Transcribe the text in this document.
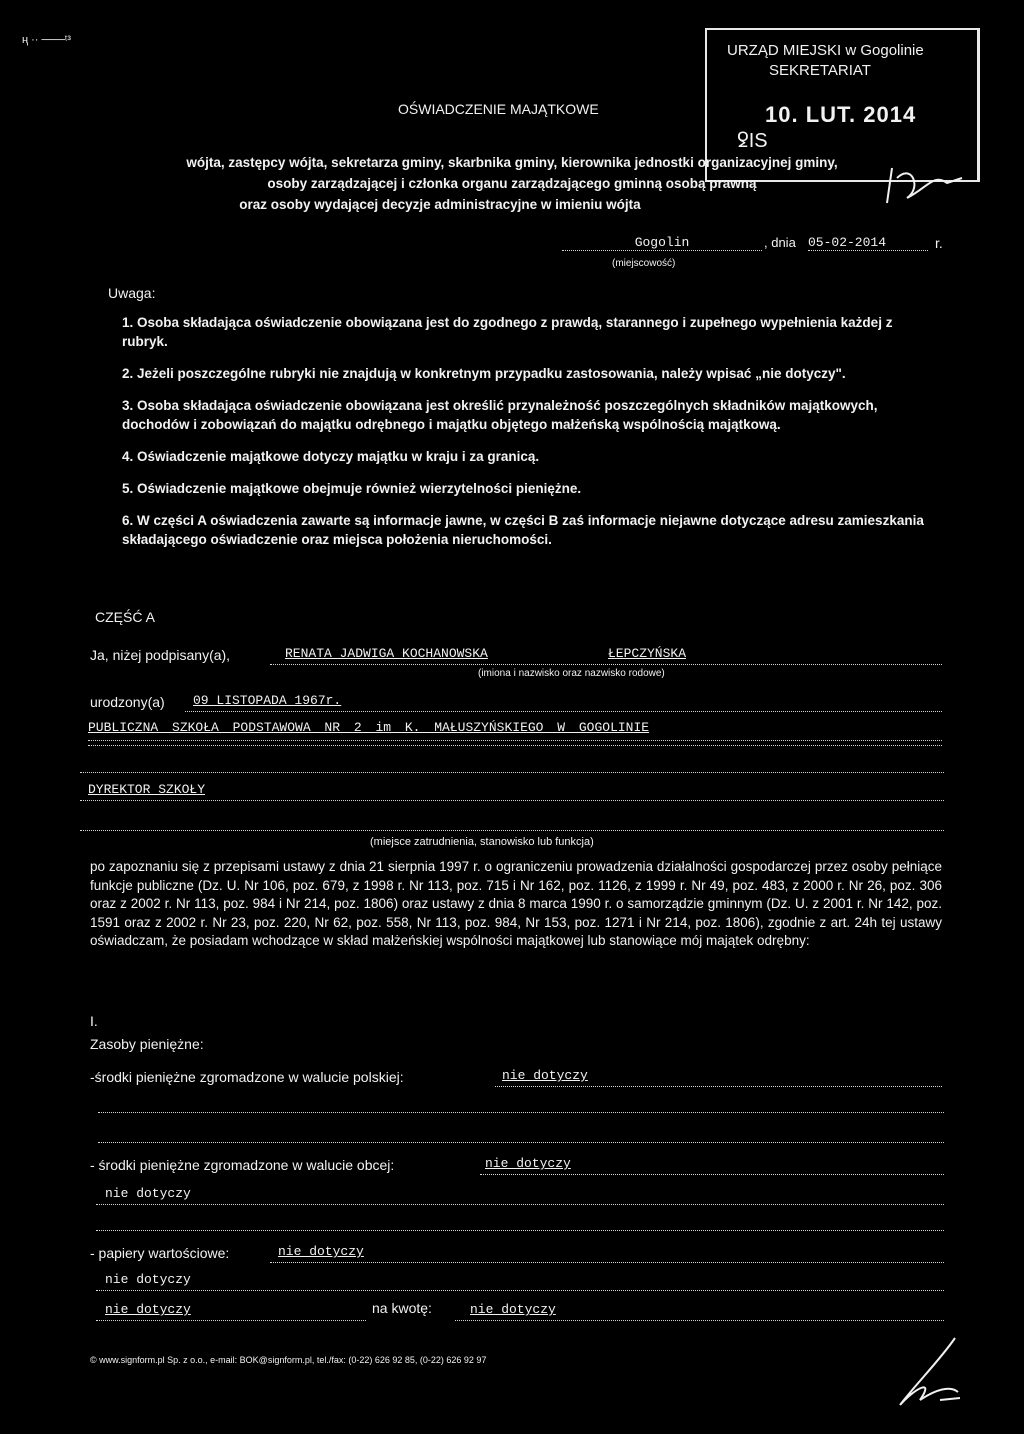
ң ·· ───ᵗ³
URZĄD MIEJSKI w Gogolinie
SEKRETARIAT
10. LUT. 2014
ꝿIS
OŚWIADCZENIE MAJĄTKOWE
wójta, zastępcy wójta, sekretarza gminy, skarbnika gminy, kierownika jednostki organizacyjnej gminy,
osoby zarządzającej i członka organu zarządzającego gminną osobą prawną
oraz osoby wydającej decyzje administracyjne w imieniu wójta
Gogolin
(miejscowość)
, dnia 05-02-2014	r.
Uwaga:

1. Osoba składająca oświadczenie obowiązana jest do zgodnego z prawdą, starannego i zupełnego wypełnienia każdej z rubryk.

2. Jeżeli poszczególne rubryki nie znajdują w konkretnym przypadku zastosowania, należy wpisać „nie dotyczy".

3. Osoba składająca oświadczenie obowiązana jest określić przynależność poszczególnych składników majątkowych, dochodów i zobowiązań do majątku odrębnego i majątku objętego małżeńską wspólnością majątkową.

4. Oświadczenie majątkowe dotyczy majątku w kraju i za granicą.

5. Oświadczenie majątkowe obejmuje również wierzytelności pieniężne.

6. W części A oświadczenia zawarte są informacje jawne, w części B zaś informacje niejawne dotyczące adresu zamieszkania składającego oświadczenie oraz miejsca położenia nieruchomości.

CZĘŚĆ A
Ja, niżej podpisany(a),	RENATA JADWIGA KOCHANOWSKA	ŁEPCZYŃSKA
(imiona i nazwisko oraz nazwisko rodowe)
urodzony(a) 09 LISTOPADA 1967r.
PUBLICZNA SZKOŁA PODSTAWOWA NR 2 im K. MAŁUSZYŃSKIEGO W GOGOLINIE
DYREKTOR SZKOŁY
(miejsce zatrudnienia, stanowisko lub funkcja)
po zapoznaniu się z przepisami ustawy z dnia 21 sierpnia 1997 r. o ograniczeniu prowadzenia działalności gospodarczej przez osoby pełniące funkcje publiczne (Dz. U. Nr 106, poz. 679, z 1998 r. Nr 113, poz. 715 i Nr 162, poz. 1126, z 1999 r. Nr 49, poz. 483, z 2000 r. Nr 26, poz. 306 oraz z 2002 r. Nr 113, poz. 984 i Nr 214, poz. 1806) oraz ustawy z dnia 8 marca 1990 r. o samorządzie gminnym (Dz. U. z 2001 r. Nr 142, poz. 1591 oraz z 2002 r. Nr 23, poz. 220, Nr 62, poz. 558, Nr 113, poz. 984, Nr 153, poz. 1271 i Nr 214, poz. 1806), zgodnie z art. 24h tej ustawy oświadczam, że posiadam wchodzące w skład małżeńskiej wspólności majątkowej lub stanowiące mój majątek odrębny:
I.
Zasoby pieniężne:
-środki pieniężne zgromadzone w walucie polskiej:	nie dotyczy
- środki pieniężne zgromadzone w walucie obcej:	nie dotyczy
nie dotyczy
- papiery wartościowe:	nie dotyczy
nie dotyczy
nie dotyczy	na kwotę:	nie dotyczy
© www.signform.pl Sp. z o.o., e-mail: BOK@signform.pl, tel./fax: (0-22) 626 92 85, (0-22) 626 92 97
